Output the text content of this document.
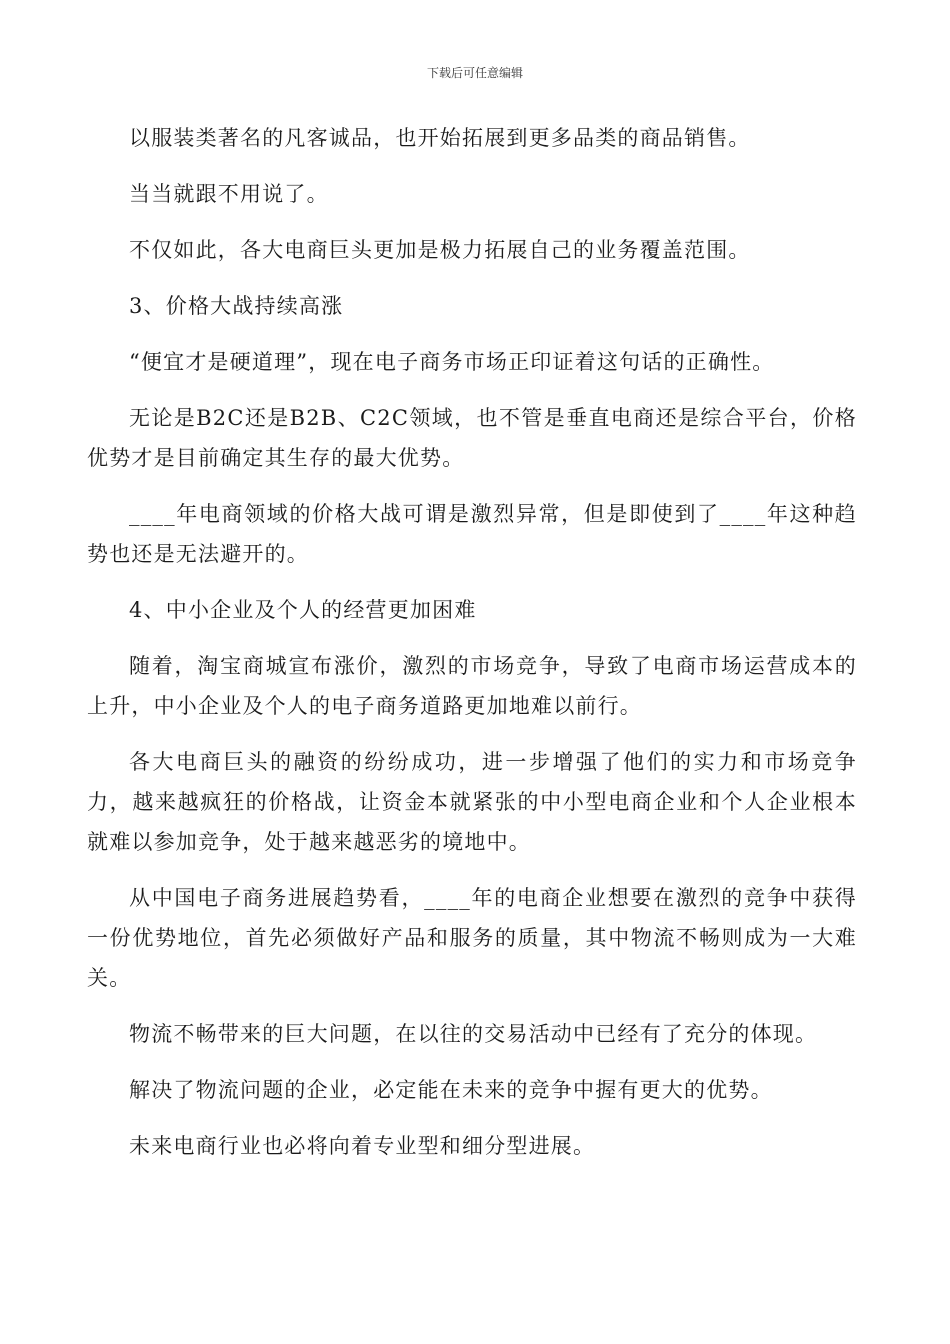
下载后可任意编辑

以服装类著名的凡客诚品，也开始拓展到更多品类的商品销售。

当当就跟不用说了。

不仅如此，各大电商巨头更加是极力拓展自己的业务覆盖范围。

3、价格大战持续高涨

“便宜才是硬道理”，现在电子商务市场正印证着这句话的正确性。

无论是B2C还是B2B、C2C领域，也不管是垂直电商还是综合平台，价格优势才是目前确定其生存的最大优势。

____年电商领域的价格大战可谓是激烈异常，但是即使到了____年这种趋势也还是无法避开的。

4、中小企业及个人的经营更加困难

随着，淘宝商城宣布涨价，激烈的市场竞争，导致了电商市场运营成本的上升，中小企业及个人的电子商务道路更加地难以前行。

各大电商巨头的融资的纷纷成功，进一步增强了他们的实力和市场竞争力，越来越疯狂的价格战，让资金本就紧张的中小型电商企业和个人企业根本就难以参加竞争，处于越来越恶劣的境地中。

从中国电子商务进展趋势看，____年的电商企业想要在激烈的竞争中获得一份优势地位，首先必须做好产品和服务的质量，其中物流不畅则成为一大难关。

物流不畅带来的巨大问题，在以往的交易活动中已经有了充分的体现。

解决了物流问题的企业，必定能在未来的竞争中握有更大的优势。

未来电商行业也必将向着专业型和细分型进展。
